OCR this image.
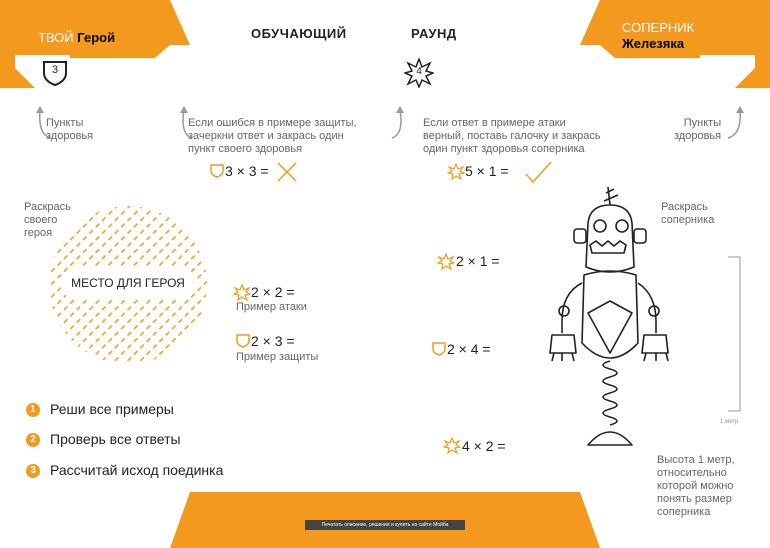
3	4
ТВОЙ Герой	ОБУЧАЮЩИЙ	РАУНД	СОПЕРНИК
Железяка
Пункты
здоровья
Если ошибся в примере защиты,
зачеркни ответ и закрась один
пункт своего здоровья
Если ответ в примере атаки
верный, поставь галочку и закрась
один пункт здоровья соперника
Пункты
здоровья
3 × 3 =	5 × 1 =
Раскрась
своего
героя
МЕСТО ДЛЯ ГЕРОЯ
2 × 2 =
Пример атаки
2 × 3 =
Пример защиты
2 × 1 =
2 × 4 =
4 × 2 =
Раскрась
соперника
1 метр
Высота 1 метр,
относительно
которой можно
понять размер
соперника
1 Реши все примеры
2 Проверь все ответы
3 Рассчитай исход поединка
Печатать описание, решения и купить на сайте Мойба
